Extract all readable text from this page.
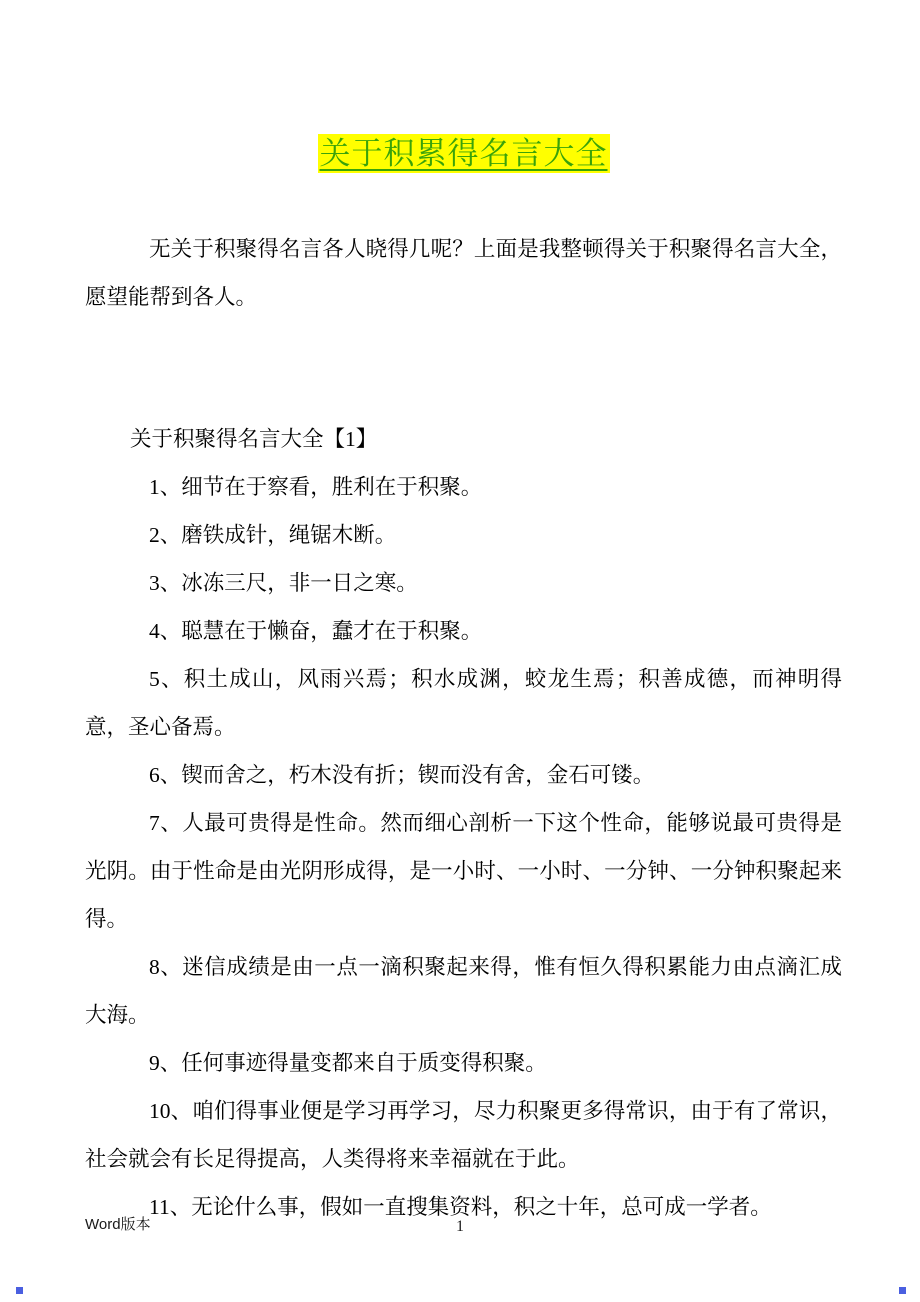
关于积累得名言大全

无关于积聚得名言各人晓得几呢？上面是我整顿得关于积聚得名言大全，愿望能帮到各人。

关于积聚得名言大全【1】

1、细节在于察看，胜利在于积聚。

2、磨铁成针，绳锯木断。

3、冰冻三尺，非一日之寒。

4、聪慧在于懒奋，蠢才在于积聚。

5、积土成山，风雨兴焉；积水成渊，蛟龙生焉；积善成德，而神明得意，圣心备焉。

6、锲而舍之，朽木没有折；锲而没有舍，金石可镂。

7、人最可贵得是性命。然而细心剖析一下这个性命，能够说最可贵得是光阴。由于性命是由光阴形成得，是一小时、一小时、一分钟、一分钟积聚起来得。

8、迷信成绩是由一点一滴积聚起来得，惟有恒久得积累能力由点滴汇成大海。

9、任何事迹得量变都来自于质变得积聚。

10、咱们得事业便是学习再学习，尽力积聚更多得常识，由于有了常识，社会就会有长足得提高，人类得将来幸福就在于此。

11、无论什么事，假如一直搜集资料，积之十年，总可成一学者。

Word版本	1
